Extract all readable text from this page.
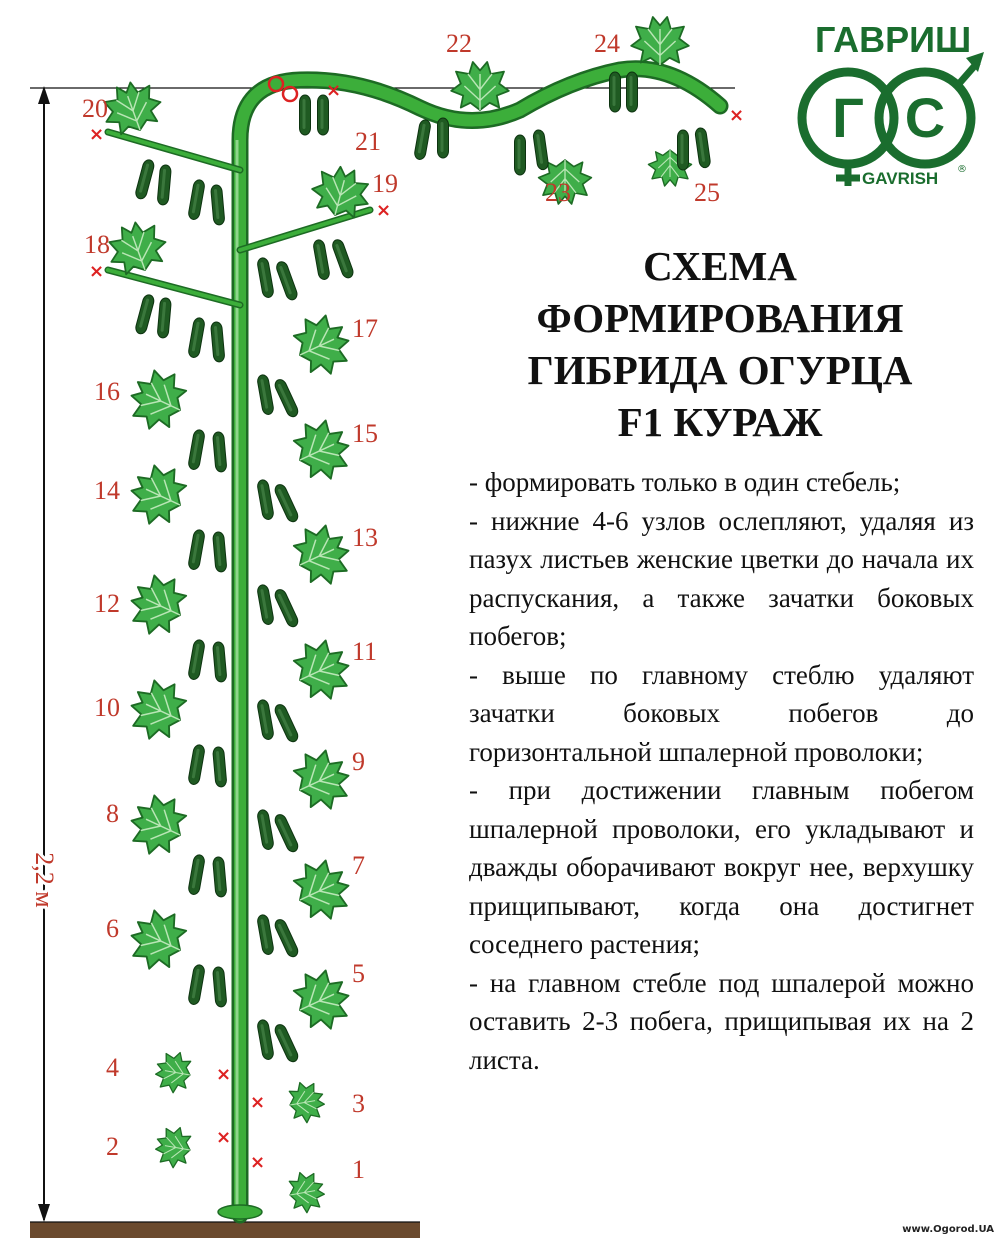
2,2 м
×
×
×
×
×
×
×
×
×	1
2
3
4
5
6
7
8
9
10
11
12
13
14
15
16
17
18
19
20
21
22
23
24
25
ГАВРИШ
Г С
GAVRISH ®
СХЕМА
ФОРМИРОВАНИЯ
ГИБРИДА ОГУРЦА
F1 КУРАЖ

- формировать только в один стебель;

- нижние 4-6 узлов ослепляют, удаляя из пазух листьев женские цветки до начала их распускания, а также зачатки боковых побегов;

- выше по главному стеблю удаляют зачатки боковых побегов до горизонтальной шпалерной проволоки;

- при достижении главным побегом шпалерной проволоки, его укладывают и дважды оборачивают вокруг нее, верхушку прищипывают, когда она достигнет соседнего растения;

- на главном стебле под шпалерой можно оставить 2-3 побега, прищипывая их на 2 листа.

www.Ogorod.UA
